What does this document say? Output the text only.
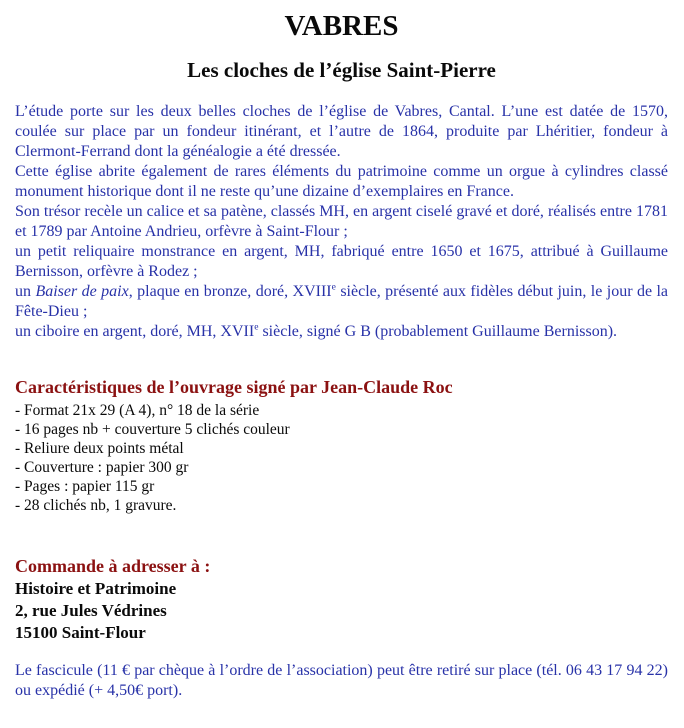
VABRES
Les cloches de l’église Saint-Pierre

L’étude porte sur les deux belles cloches de l’église de Vabres, Cantal. L’une est datée de 1570, coulée sur place par un fondeur itinérant, et l’autre de 1864, produite par Lhéritier, fondeur à Clermont-Ferrand dont la généalogie a été dressée.

Cette église abrite également de rares éléments du patrimoine comme un orgue à cylindres classé monument historique dont il ne reste qu’une dizaine d’exemplaires en France.

Son trésor recèle un calice et sa patène, classés MH, en argent ciselé gravé et doré, réalisés entre 1781 et 1789 par Antoine Andrieu, orfèvre à Saint-Flour ;

un petit reliquaire monstrance en argent, MH, fabriqué entre 1650 et 1675, attribué à Guillaume Bernisson, orfèvre à Rodez ;

un Baiser de paix, plaque en bronze, doré, XVIIIe siècle, présenté aux fidèles début juin, le jour de la Fête-Dieu ;

un ciboire en argent, doré, MH, XVIIe siècle, signé G B (probablement Guillaume Bernisson).

Caractéristiques de l’ouvrage signé par Jean-Claude Roc
- Format 21x 29 (A 4), n° 18 de la série
- 16 pages nb + couverture 5 clichés couleur
- Reliure deux points métal
- Couverture : papier 300 gr
- Pages : papier 115 gr
- 28 clichés nb, 1 gravure.
Commande à adresser à :
Histoire et Patrimoine
2, rue Jules Védrines
15100 Saint-Flour

Le fascicule (11 € par chèque à l’ordre de l’association) peut être retiré sur place (tél. 06 43 17 94 22) ou expédié (+ 4,50€ port).
